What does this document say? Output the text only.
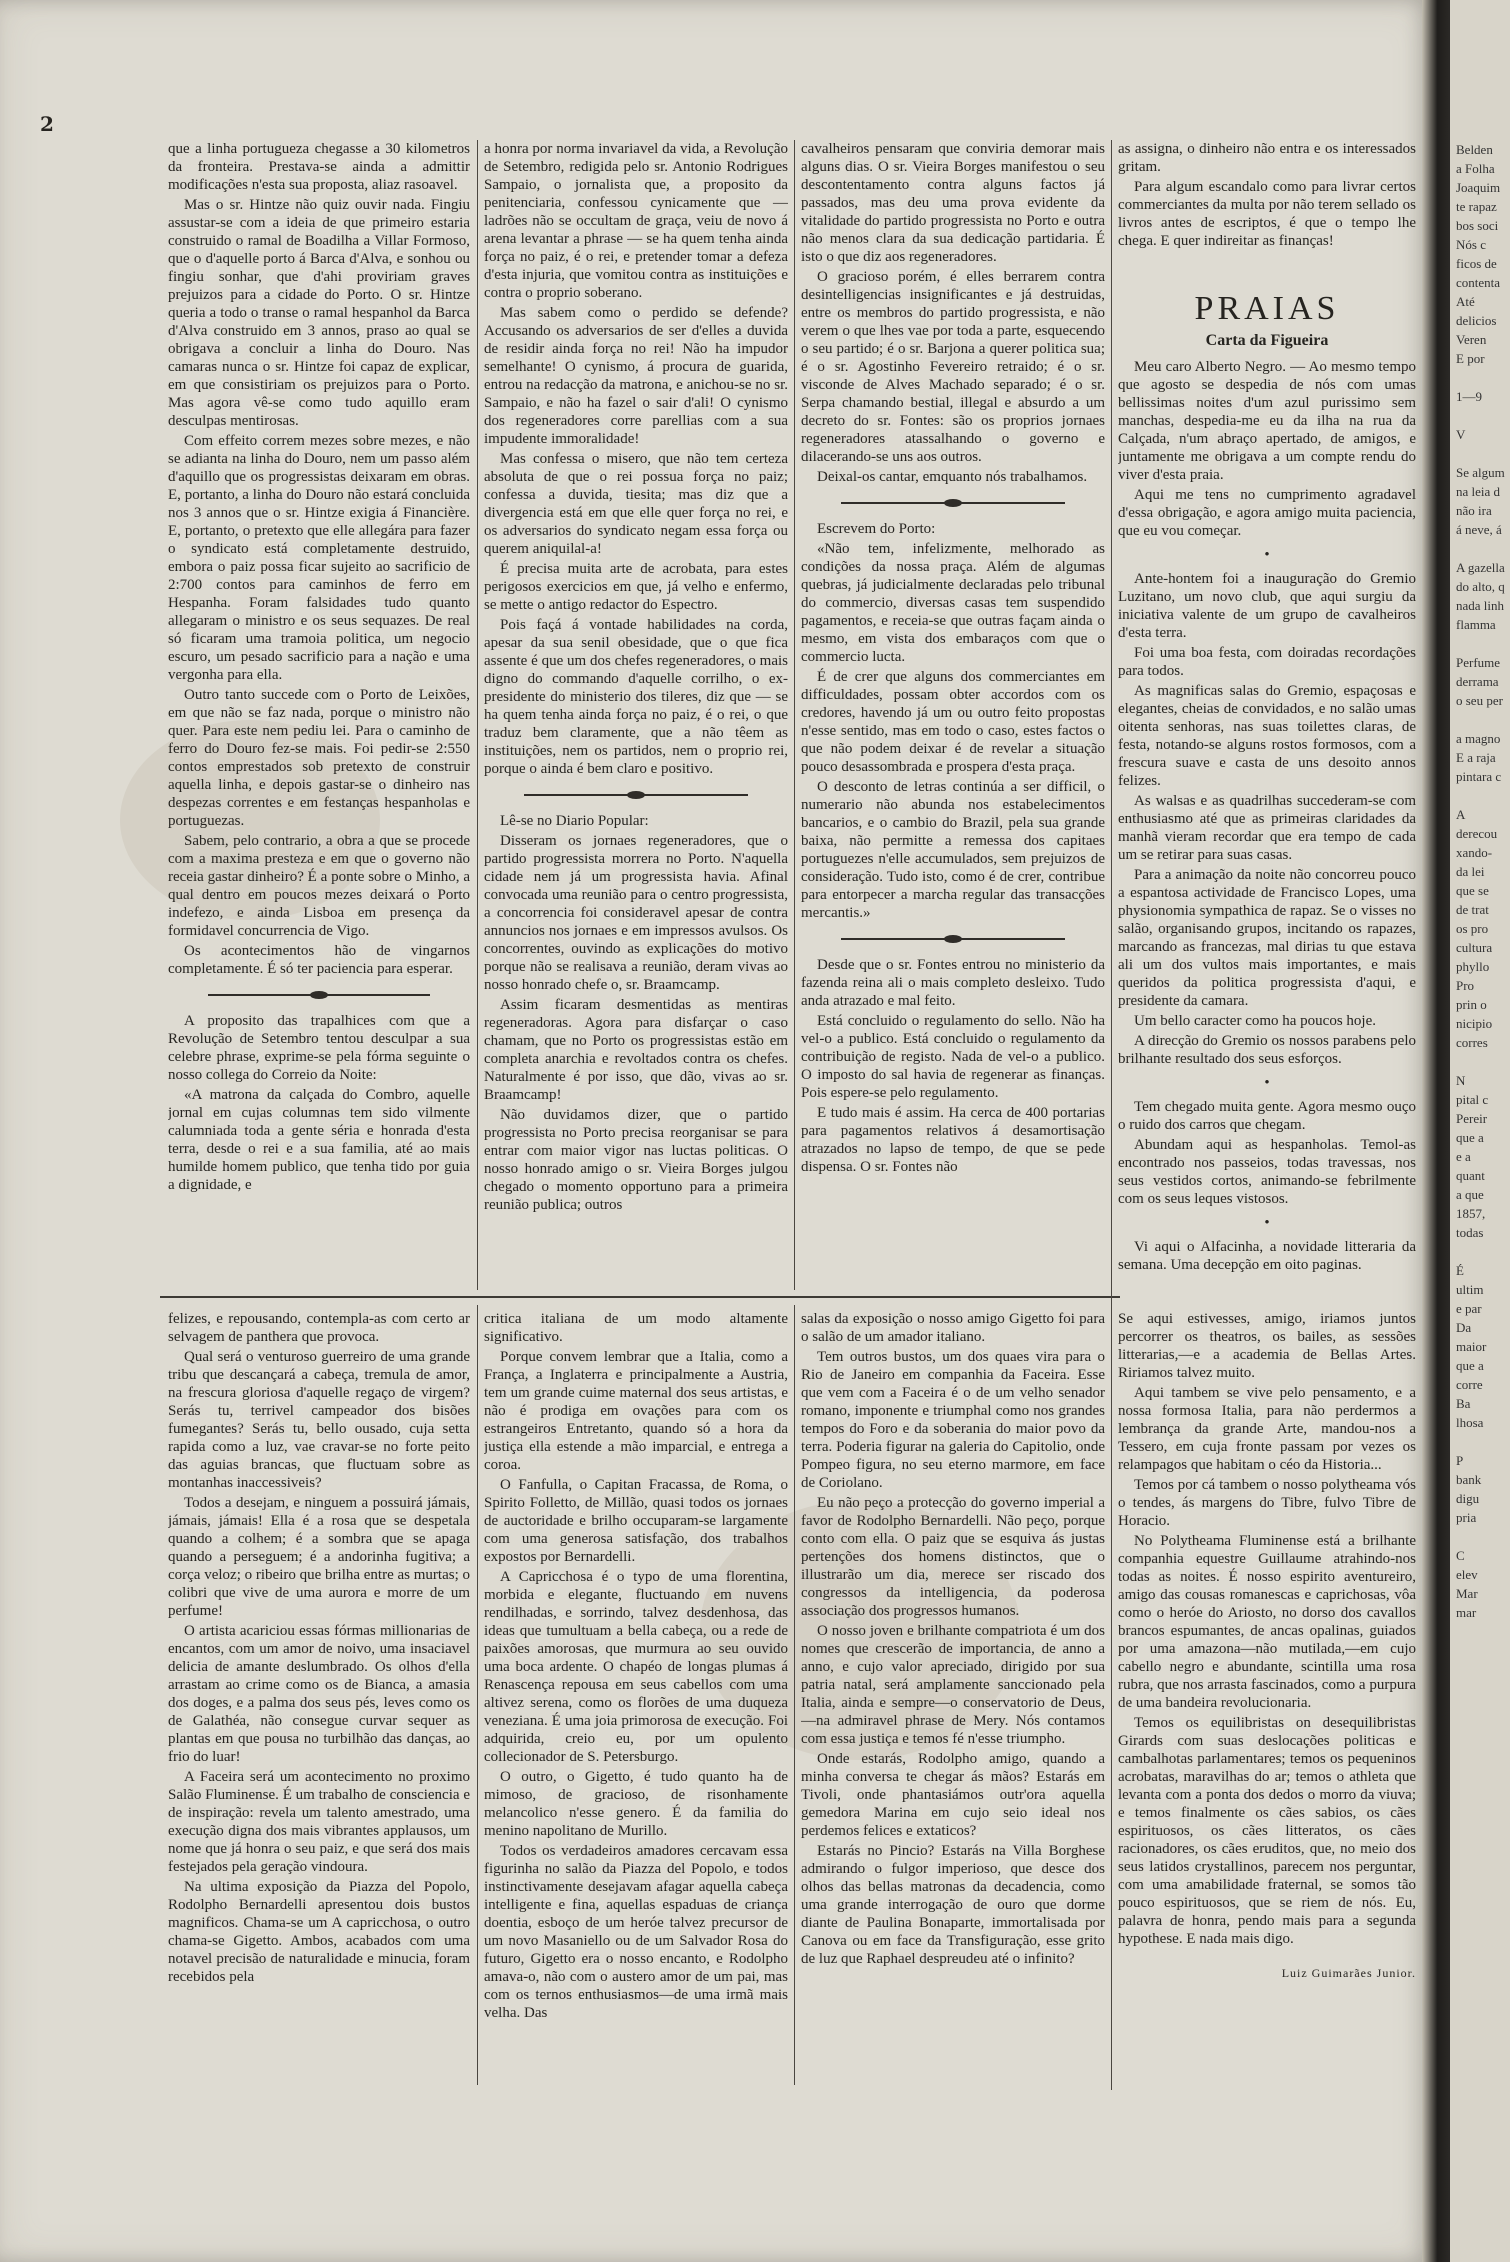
2

que a linha portugueza chegasse a 30 kilometros da fronteira. Prestava-se ainda a admittir modificações n'esta sua proposta, aliaz rasoavel.

Mas o sr. Hintze não quiz ouvir nada. Fingiu assustar-se com a ideia de que primeiro estaria construido o ramal de Boadilha a Villar Formoso, que o d'aquelle porto á Barca d'Alva, e sonhou ou fingiu sonhar, que d'ahi proviriam graves prejuizos para a cidade do Porto. O sr. Hintze queria a todo o transe o ramal hespanhol da Barca d'Alva construido em 3 annos, praso ao qual se obrigava a concluir a linha do Douro. Nas camaras nunca o sr. Hintze foi capaz de explicar, em que consistiriam os prejuizos para o Porto. Mas agora vê-se como tudo aquillo eram desculpas mentirosas.

Com effeito correm mezes sobre mezes, e não se adianta na linha do Douro, nem um passo além d'aquillo que os progressistas deixaram em obras. E, portanto, a linha do Douro não estará concluida nos 3 annos que o sr. Hintze exigia á Financière. E, portanto, o pretexto que elle allegára para fazer o syndicato está completamente destruido, embora o paiz possa ficar sujeito ao sacrificio de 2:700 contos para caminhos de ferro em Hespanha. Foram falsidades tudo quanto allegaram o ministro e os seus sequazes. De real só ficaram uma tramoia politica, um negocio escuro, um pesado sacrificio para a nação e uma vergonha para ella.

Outro tanto succede com o Porto de Leixões, em que não se faz nada, porque o ministro não quer. Para este nem pediu lei. Para o caminho de ferro do Douro fez-se mais. Foi pedir-se 2:550 contos emprestados sob pretexto de construir aquella linha, e depois gastar-se o dinheiro nas despezas correntes e em festanças hespanholas e portuguezas.

Sabem, pelo contrario, a obra a que se procede com a maxima presteza e em que o governo não receia gastar dinheiro? É a ponte sobre o Minho, a qual dentro em poucos mezes deixará o Porto indefezo, e ainda Lisboa em presença da formidavel concurrencia de Vigo.

Os acontecimentos hão de vingarnos completamente. É só ter paciencia para esperar.

A proposito das trapalhices com que a Revolução de Setembro tentou desculpar a sua celebre phrase, exprime-se pela fórma seguinte o nosso collega do Correio da Noite:

«A matrona da calçada do Combro, aquelle jornal em cujas columnas tem sido vilmente calumniada toda a gente séria e honrada d'esta terra, desde o rei e a sua familia, até ao mais humilde homem publico, que tenha tido por guia a dignidade, e

a honra por norma invariavel da vida, a Revolução de Setembro, redigida pelo sr. Antonio Rodrigues Sampaio, o jornalista que, a proposito da penitenciaria, confessou cynicamente que — ladrões não se occultam de graça, veiu de novo á arena levantar a phrase — se ha quem tenha ainda força no paiz, é o rei, e pretender tomar a defeza d'esta injuria, que vomitou contra as instituições e contra o proprio soberano.

Mas sabem como o perdido se defende? Accusando os adversarios de ser d'elles a duvida de residir ainda força no rei! Não ha impudor semelhante! O cynismo, á procura de guarida, entrou na redacção da matrona, e anichou-se no sr. Sampaio, e não ha fazel o sair d'ali! O cynismo dos regeneradores corre parellias com a sua impudente immoralidade!

Mas confessa o misero, que não tem certeza absoluta de que o rei possua força no paiz; confessa a duvida, tiesita; mas diz que a divergencia está em que elle quer força no rei, e os adversarios do syndicato negam essa força ou querem aniquilal-a!

É precisa muita arte de acrobata, para estes perigosos exercicios em que, já velho e enfermo, se mette o antigo redactor do Espectro.

Pois façá á vontade habilidades na corda, apesar da sua senil obesidade, que o que fica assente é que um dos chefes regeneradores, o mais digno do commando d'aquelle corrilho, o ex-presidente do ministerio dos tileres, diz que — se ha quem tenha ainda força no paiz, é o rei, o que traduz bem claramente, que a não têem as instituições, nem os partidos, nem o proprio rei, porque o ainda é bem claro e positivo.

Lê-se no Diario Popular:

Disseram os jornaes regeneradores, que o partido progressista morrera no Porto. N'aquella cidade nem já um progressista havia. Afinal convocada uma reunião para o centro progressista, a concorrencia foi consideravel apesar de contra annuncios nos jornaes e em impressos avulsos. Os concorrentes, ouvindo as explicações do motivo porque não se realisava a reunião, deram vivas ao nosso honrado chefe o, sr. Braamcamp.

Assim ficaram desmentidas as mentiras regeneradoras. Agora para disfarçar o caso chamam, que no Porto os progressistas estão em completa anarchia e revoltados contra os chefes. Naturalmente é por isso, que dão, vivas ao sr. Braamcamp!

Não duvidamos dizer, que o partido progressista no Porto precisa reorganisar se para entrar com maior vigor nas luctas politicas. O nosso honrado amigo o sr. Vieira Borges julgou chegado o momento opportuno para a primeira reunião publica; outros

cavalheiros pensaram que conviria demorar mais alguns dias. O sr. Vieira Borges manifestou o seu descontentamento contra alguns factos já passados, mas deu uma prova evidente da vitalidade do partido progressista no Porto e outra não menos clara da sua dedicação partidaria. É isto o que diz aos regeneradores.

O gracioso porém, é elles berrarem contra desintelligencias insignificantes e já destruidas, entre os membros do partido progressista, e não verem o que lhes vae por toda a parte, esquecendo o seu partido; é o sr. Barjona a querer politica sua; é o sr. Agostinho Fevereiro retraido; é o sr. visconde de Alves Machado separado; é o sr. Serpa chamando bestial, illegal e absurdo a um decreto do sr. Fontes: são os proprios jornaes regeneradores atassalhando o governo e dilacerando-se uns aos outros.

Deixal-os cantar, emquanto nós trabalhamos.

Escrevem do Porto:

«Não tem, infelizmente, melhorado as condições da nossa praça. Além de algumas quebras, já judicialmente declaradas pelo tribunal do commercio, diversas casas tem suspendido pagamentos, e receia-se que outras façam ainda o mesmo, em vista dos embaraços com que o commercio lucta.

É de crer que alguns dos commerciantes em difficuldades, possam obter accordos com os credores, havendo já um ou outro feito propostas n'esse sentido, mas em todo o caso, estes factos o que não podem deixar é de revelar a situação pouco desassombrada e prospera d'esta praça.

O desconto de letras continúa a ser difficil, o numerario não abunda nos estabelecimentos bancarios, e o cambio do Brazil, pela sua grande baixa, não permitte a remessa dos capitaes portuguezes n'elle accumulados, sem prejuizos de consideração. Tudo isto, como é de crer, contribue para entorpecer a marcha regular das transacções mercantis.»

Desde que o sr. Fontes entrou no ministerio da fazenda reina ali o mais completo desleixo. Tudo anda atrazado e mal feito.

Está concluido o regulamento do sello. Não ha vel-o a publico. Está concluido o regulamento da contribuição de registo. Nada de vel-o a publico. O imposto do sal havia de regenerar as finanças. Pois espere-se pelo regulamento.

E tudo mais é assim. Ha cerca de 400 portarias para pagamentos relativos á desamortisação atrazados no lapso de tempo, de que se pede dispensa. O sr. Fontes não

as assigna, o dinheiro não entra e os interessados gritam.

Para algum escandalo como para livrar certos commerciantes da multa por não terem sellado os livros antes de escriptos, é que o tempo lhe chega. E quer indireitar as finanças!

PRAIAS
Carta da Figueira

Meu caro Alberto Negro. — Ao mesmo tempo que agosto se despedia de nós com umas bellissimas noites d'um azul purissimo sem manchas, despedia-me eu da ilha na rua da Calçada, n'um abraço apertado, de amigos, e juntamente me obrigava a um compte rendu do viver d'esta praia.

Aqui me tens no cumprimento agradavel d'essa obrigação, e agora amigo muita paciencia, que eu vou começar.

•

Ante-hontem foi a inauguração do Gremio Luzitano, um novo club, que aqui surgiu da iniciativa valente de um grupo de cavalheiros d'esta terra.

Foi uma boa festa, com doiradas recordações para todos.

As magnificas salas do Gremio, espaçosas e elegantes, cheias de convidados, e no salão umas oitenta senhoras, nas suas toilettes claras, de festa, notando-se alguns rostos formosos, com a frescura suave e casta de uns desoito annos felizes.

As walsas e as quadrilhas succederam-se com enthusiasmo até que as primeiras claridades da manhã vieram recordar que era tempo de cada um se retirar para suas casas.

Para a animação da noite não concorreu pouco a espantosa actividade de Francisco Lopes, uma physionomia sympathica de rapaz. Se o visses no salão, organisando grupos, incitando os rapazes, marcando as francezas, mal dirias tu que estava ali um dos vultos mais importantes, e mais queridos da politica progressista d'aqui, e presidente da camara.

Um bello caracter como ha poucos hoje.

A direcção do Gremio os nossos parabens pelo brilhante resultado dos seus esforços.

•

Tem chegado muita gente. Agora mesmo ouço o ruido dos carros que chegam.

Abundam aqui as hespanholas. Temol-as encontrado nos passeios, todas travessas, nos seus vestidos cortos, animando-se febrilmente com os seus leques vistosos.

•

Vi aqui o Alfacinha, a novidade litteraria da semana. Uma decepção em oito paginas.

felizes, e repousando, contempla-as com certo ar selvagem de panthera que provoca.

Qual será o venturoso guerreiro de uma grande tribu que descançará a cabeça, tremula de amor, na frescura gloriosa d'aquelle regaço de virgem? Serás tu, terrivel campeador dos bisões fumegantes? Serás tu, bello ousado, cuja setta rapida como a luz, vae cravar-se no forte peito das aguias brancas, que fluctuam sobre as montanhas inaccessiveis?

Todos a desejam, e ninguem a possuirá jámais, jámais, jámais! Ella é a rosa que se despetala quando a colhem; é a sombra que se apaga quando a perseguem; é a andorinha fugitiva; a corça veloz; o ribeiro que brilha entre as murtas; o colibri que vive de uma aurora e morre de um perfume!

O artista acariciou essas fórmas millionarias de encantos, com um amor de noivo, uma insaciavel delicia de amante deslumbrado. Os olhos d'ella arrastam ao crime como os de Bianca, a amasia dos doges, e a palma dos seus pés, leves como os de Galathéa, não consegue curvar sequer as plantas em que pousa no turbilhão das danças, ao frio do luar!

A Faceira será um acontecimento no proximo Salão Fluminense. É um trabalho de consciencia e de inspiração: revela um talento amestrado, uma execução digna dos mais vibrantes applausos, um nome que já honra o seu paiz, e que será dos mais festejados pela geração vindoura.

Na ultima exposição da Piazza del Popolo, Rodolpho Bernardelli apresentou dois bustos magnificos. Chama-se um A capricchosa, o outro chama-se Gigetto. Ambos, acabados com uma notavel precisão de naturalidade e minucia, foram recebidos pela

critica italiana de um modo altamente significativo.

Porque convem lembrar que a Italia, como a França, a Inglaterra e principalmente a Austria, tem um grande cuime maternal dos seus artistas, e não é prodiga em ovações para com os estrangeiros Entretanto, quando só a hora da justiça ella estende a mão imparcial, e entrega a coroa.

O Fanfulla, o Capitan Fracassa, de Roma, o Spirito Folletto, de Millão, quasi todos os jornaes de auctoridade e brilho occuparam-se largamente com uma generosa satisfação, dos trabalhos expostos por Bernardelli.

A Capricchosa é o typo de uma florentina, morbida e elegante, fluctuando em nuvens rendilhadas, e sorrindo, talvez desdenhosa, das ideas que tumultuam a bella cabeça, ou a rede de paixões amorosas, que murmura ao seu ouvido uma boca ardente. O chapéo de longas plumas á Renascença repousa em seus cabellos com uma altivez serena, como os florões de uma duqueza veneziana. É uma joia primorosa de execução. Foi adquirida, creio eu, por um opulento collecionador de S. Petersburgo.

O outro, o Gigetto, é tudo quanto ha de mimoso, de gracioso, de risonhamente melancolico n'esse genero. É da familia do menino napolitano de Murillo.

Todos os verdadeiros amadores cercavam essa figurinha no salão da Piazza del Popolo, e todos instinctivamente desejavam afagar aquella cabeça intelligente e fina, aquellas espaduas de criança doentia, esboço de um heróe talvez precursor de um novo Masaniello ou de um Salvador Rosa do futuro, Gigetto era o nosso encanto, e Rodolpho amava-o, não com o austero amor de um pai, mas com os ternos enthusiasmos—de uma irmã mais velha. Das

salas da exposição o nosso amigo Gigetto foi para o salão de um amador italiano.

Tem outros bustos, um dos quaes vira para o Rio de Janeiro em companhia da Faceira. Esse que vem com a Faceira é o de um velho senador romano, imponente e triumphal como nos grandes tempos do Foro e da soberania do maior povo da terra. Poderia figurar na galeria do Capitolio, onde Pompeo figura, no seu eterno marmore, em face de Coriolano.

Eu não peço a protecção do governo imperial a favor de Rodolpho Bernardelli. Não peço, porque conto com ella. O paiz que se esquiva ás justas pertenções dos homens distinctos, que o illustrarão um dia, merece ser riscado dos congressos da intelligencia, da poderosa associação dos progressos humanos.

O nosso joven e brilhante compatriota é um dos nomes que crescerão de importancia, de anno a anno, e cujo valor apreciado, dirigido por sua patria natal, será amplamente sanccionado pela Italia, ainda e sempre—o conservatorio de Deus,—na admiravel phrase de Mery. Nós contamos com essa justiça e temos fé n'esse triumpho.

Onde estarás, Rodolpho amigo, quando a minha conversa te chegar ás mãos? Estarás em Tivoli, onde phantasiámos outr'ora aquella gemedora Marina em cujo seio ideal nos perdemos felices e extaticos?

Estarás no Pincio? Estarás na Villa Borghese admirando o fulgor imperioso, que desce dos olhos das bellas matronas da decadencia, como uma grande interrogação de ouro que dorme diante de Paulina Bonaparte, immortalisada por Canova ou em face da Transfiguração, esse grito de luz que Raphael despreudeu até o infinito?

Se aqui estivesses, amigo, iriamos juntos percorrer os theatros, os bailes, as sessões litterarias,—e a academia de Bellas Artes. Ririamos talvez muito.

Aqui tambem se vive pelo pensamento, e a nossa formosa Italia, para não perdermos a lembrança da grande Arte, mandou-nos a Tessero, em cuja fronte passam por vezes os relampagos que habitam o céo da Historia...

Temos por cá tambem o nosso polytheama vós o tendes, ás margens do Tibre, fulvo Tibre de Horacio.

No Polytheama Fluminense está a brilhante companhia equestre Guillaume atrahindo-nos todas as noites. É nosso espirito aventureiro, amigo das cousas romanescas e caprichosas, vôa como o heróe do Ariosto, no dorso dos cavallos brancos espumantes, de ancas opalinas, guiados por uma amazona—não mutilada,—em cujo cabello negro e abundante, scintilla uma rosa rubra, que nos arrasta fascinados, como a purpura de uma bandeira revolucionaria.

Temos os equilibristas on desequilibristas Girards com suas deslocações politicas e cambalhotas parlamentares; temos os pequeninos acrobatas, maravilhas do ar; temos o athleta que levanta com a ponta dos dedos o morro da viuva; e temos finalmente os cães sabios, os cães espirituosos, os cães litteratos, os cães racionadores, os cães eruditos, que, no meio dos seus latidos crystallinos, parecem nos perguntar, com uma amabilidade fraternal, se somos tão pouco espirituosos, que se riem de nós. Eu, palavra de honra, pendo mais para a segunda hypothese. E nada mais digo.

Luiz Guimarães Junior.

Belden

a Folha

Joaquim

te rapaz

bos soci

Nós c

ficos de

contenta

Até

delicios

Veren

E por

1—9

V

Se algum

na leia d

não ira

á neve, á

A gazella

do alto, q

nada linh

flamma

Perfume

derrama

o seu per

a magno

E a raja

pintara c

A

derecou

xando-

da lei

que se

de trat

os pro

cultura

phyllo

Pro

prin o

nicipio

corres

N

pital c

Pereir

que a

e a

quant

a que

1857,

todas

É

ultim

e par

Da

maior

que a

corre

Ba

lhosa

P

bank

digu

pria

C

elev

Mar

mar
